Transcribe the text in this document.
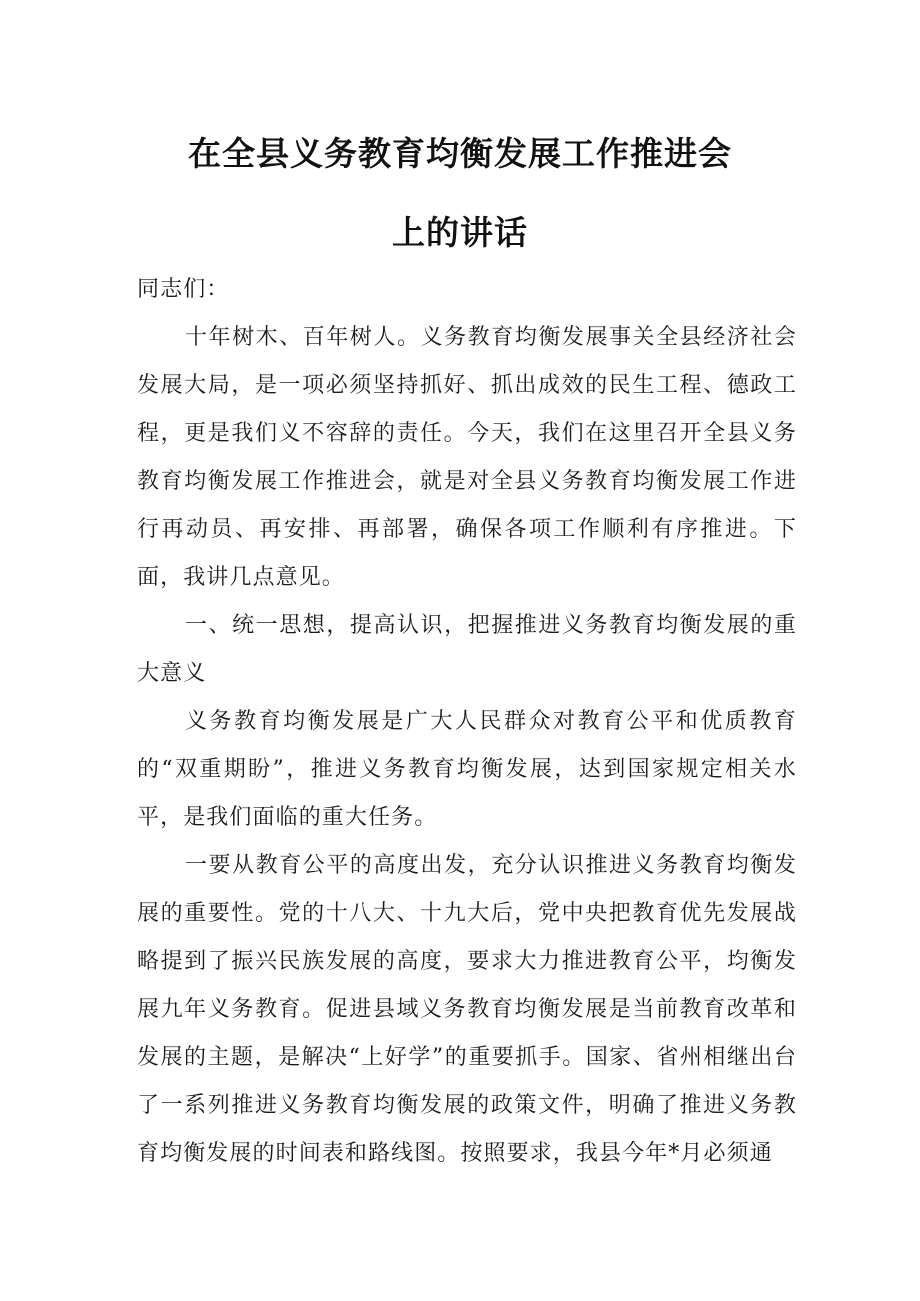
在全县义务教育均衡发展工作推进会
上的讲话

同志们：

十年树木、百年树人。义务教育均衡发展事关全县经济社会发展大局，是一项必须坚持抓好、抓出成效的民生工程、德政工程，更是我们义不容辞的责任。今天，我们在这里召开全县义务教育均衡发展工作推进会，就是对全县义务教育均衡发展工作进行再动员、再安排、再部署，确保各项工作顺利有序推进。下面，我讲几点意见。

一、统一思想，提高认识，把握推进义务教育均衡发展的重大意义

义务教育均衡发展是广大人民群众对教育公平和优质教育的“双重期盼”，推进义务教育均衡发展，达到国家规定相关水平，是我们面临的重大任务。

一要从教育公平的高度出发，充分认识推进义务教育均衡发展的重要性。党的十八大、十九大后，党中央把教育优先发展战略提到了振兴民族发展的高度，要求大力推进教育公平，均衡发展九年义务教育。促进县域义务教育均衡发展是当前教育改革和发展的主题，是解决“上好学”的重要抓手。国家、省州相继出台了一系列推进义务教育均衡发展的政策文件，明确了推进义务教育均衡发展的时间表和路线图。按照要求，我县今年*月必须通
